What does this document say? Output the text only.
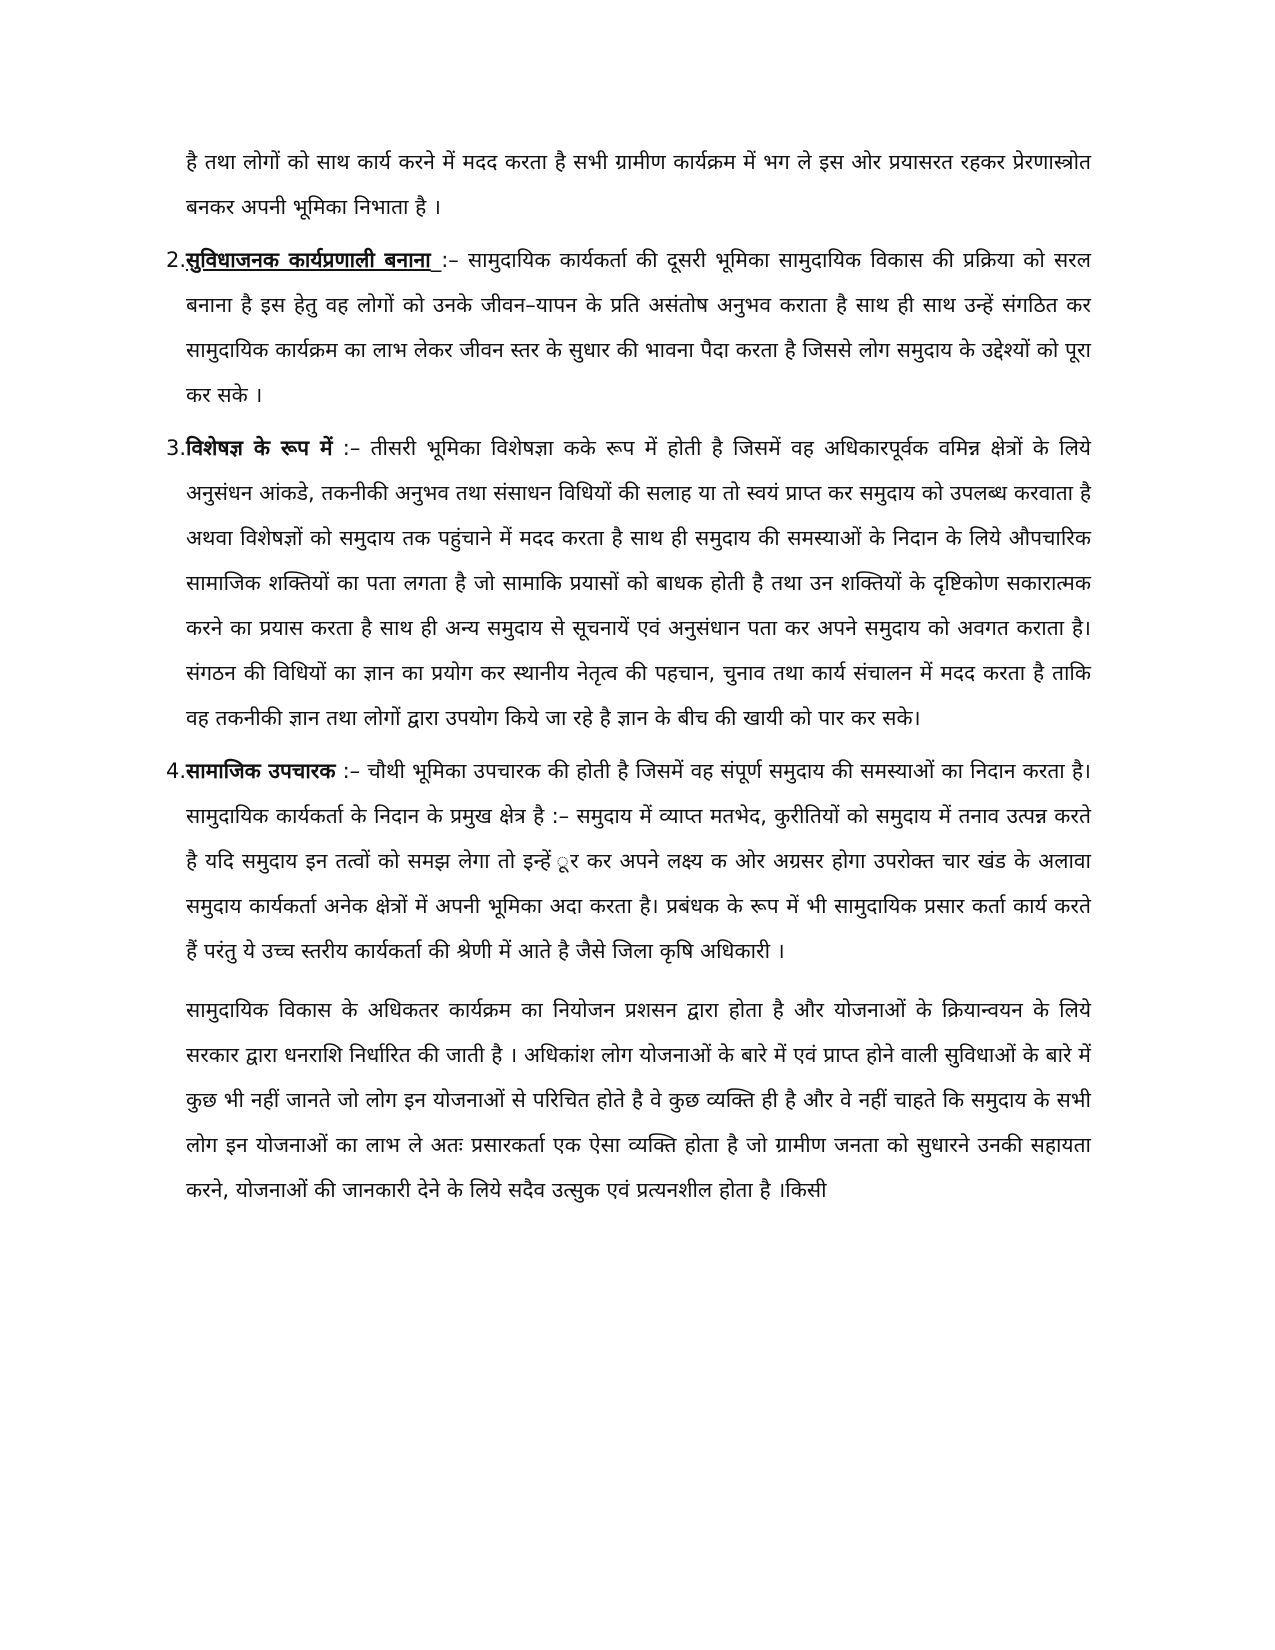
है तथा लोगों को साथ कार्य करने में मदद करता है सभी ग्रामीण कार्यक्रम में भग ले इस ओर प्रयासरत रहकर प्रेरणास्त्रोत बनकर अपनी भूमिका निभाता है ।

2. सुविधाजनक कार्यप्रणाली बनाना_:– सामुदायिक कार्यकर्ता की दूसरी भूमिका सामुदायिक विकास की प्रक्रिया को सरल बनाना है इस हेतु वह लोगों को उनके जीवन–यापन के प्रति असंतोष अनुभव कराता है साथ ही साथ उन्हें संगठित कर सामुदायिक कार्यक्रम का लाभ लेकर जीवन स्तर के सुधार की भावना पैदा करता है जिससे लोग समुदाय के उद्देश्यों को पूरा कर सके ।

3. विशेषज्ञ के रूप में :– तीसरी भूमिका विशेषज्ञा कके रूप में होती है जिसमें वह अधिकारपूर्वक वमिन्न क्षेत्रों के लिये अनुसंधन आंकडे, तकनीकी अनुभव तथा संसाधन विधियों की सलाह या तो स्वयं प्राप्त कर समुदाय को उपलब्ध करवाता है अथवा विशेषज्ञों को समुदाय तक पहुंचाने में मदद करता है साथ ही समुदाय की समस्याओं के निदान के लिये औपचारिक सामाजिक शक्तियों का पता लगता है जो सामाकि प्रयासों को बाधक होती है तथा उन शक्तियों के दृष्टिकोण सकारात्मक करने का प्रयास करता है साथ ही अन्य समुदाय से सूचनायें एवं अनुसंधान पता कर अपने समुदाय को अवगत कराता है। संगठन की विधियों का ज्ञान का प्रयोग कर स्थानीय नेतृत्व की पहचान, चुनाव तथा कार्य संचालन में मदद करता है ताकि वह तकनीकी ज्ञान तथा लोगों द्वारा उपयोग किये जा रहे है ज्ञान के बीच की खायी को पार कर सके।

4. सामाजिक उपचारक :– चौथी भूमिका उपचारक की होती है जिसमें वह संपूर्ण समुदाय की समस्याओं का निदान करता है। सामुदायिक कार्यकर्ता के निदान के प्रमुख क्षेत्र है :– समुदाय में व्याप्त मतभेद, कुरीतियों को समुदाय में तनाव उत्पन्न करते है यदि समुदाय इन तत्वों को समझ लेगा तो इन्हें ूर कर अपने लक्ष्य क ओर अग्रसर होगा उपरोक्त चार खंड के अलावा समुदाय कार्यकर्ता अनेक क्षेत्रों में अपनी भूमिका अदा करता है। प्रबंधक के रूप में भी सामुदायिक प्रसार कर्ता कार्य करते हैं परंतु ये उच्च स्तरीय कार्यकर्ता की श्रेणी में आते है जैसे जिला कृषि अधिकारी ।

सामुदायिक विकास के अधिकतर कार्यक्रम का नियोजन प्रशसन द्वारा होता है और योजनाओं के क्रियान्वयन के लिये सरकार द्वारा धनराशि निर्धारित की जाती है । अधिकांश लोग योजनाओं के बारे में एवं प्राप्त होने वाली सुविधाओं के बारे में कुछ भी नहीं जानते जो लोग इन योजनाओं से परिचित होते है वे कुछ व्यक्ति ही है और वे नहीं चाहते कि समुदाय के सभी लोग इन योजनाओं का लाभ ले अतः प्रसारकर्ता एक ऐसा व्यक्ति होता है जो ग्रामीण जनता को सुधारने उनकी सहायता करने, योजनाओं की जानकारी देने के लिये सदैव उत्सुक एवं प्रत्यनशील होता है ।किसी
